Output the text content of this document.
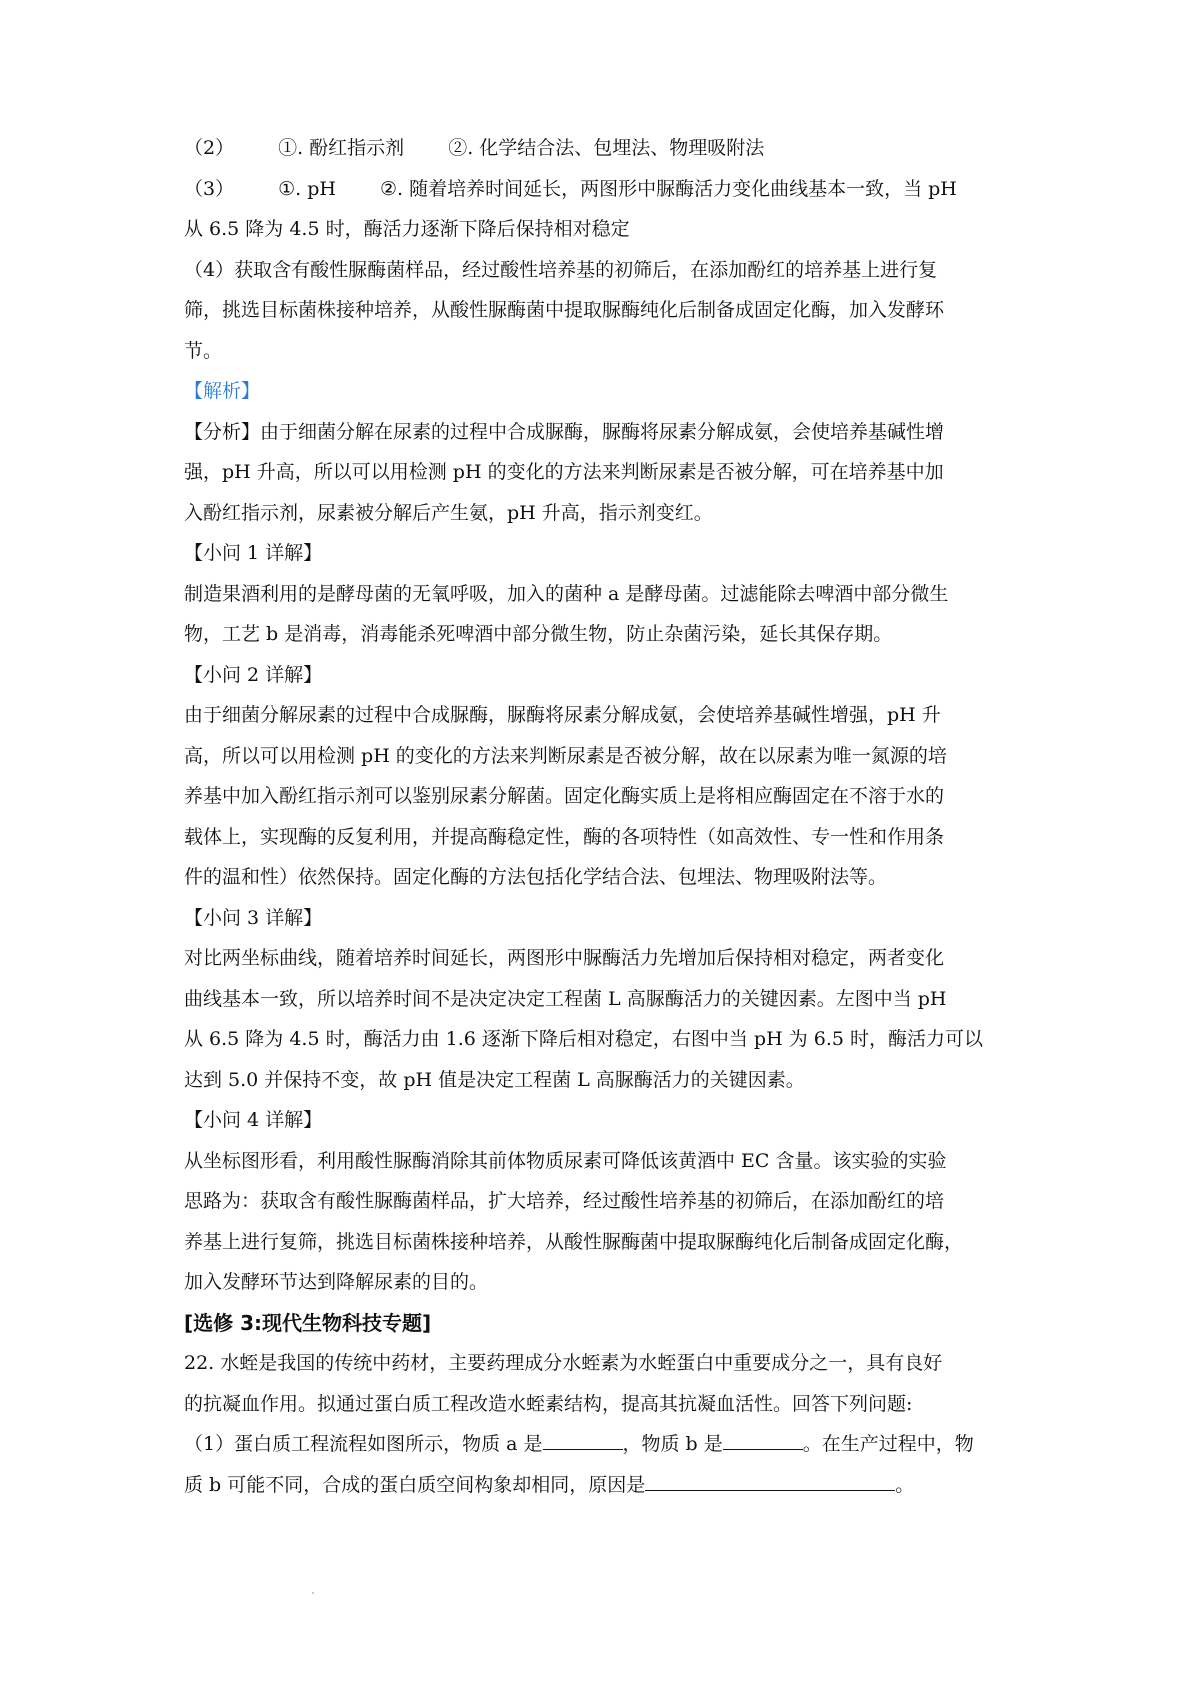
（2） ①. 酚红指示剂 ②. 化学结合法、包埋法、物理吸附法
（3） ①. pH ②. 随着培养时间延长，两图形中脲酶活力变化曲线基本一致，当 pH
从 6.5 降为 4.5 时，酶活力逐渐下降后保持相对稳定
（4）获取含有酸性脲酶菌样品，经过酸性培养基的初筛后，在添加酚红的培养基上进行复
筛，挑选目标菌株接种培养，从酸性脲酶菌中提取脲酶纯化后制备成固定化酶，加入发酵环
节。
【解析】
【分析】由于细菌分解在尿素的过程中合成脲酶，脲酶将尿素分解成氨，会使培养基碱性增
强，pH 升高，所以可以用检测 pH 的变化的方法来判断尿素是否被分解，可在培养基中加
入酚红指示剂，尿素被分解后产生氨，pH 升高，指示剂变红。
【小问 1 详解】
制造果酒利用的是酵母菌的无氧呼吸，加入的菌种 a 是酵母菌。过滤能除去啤酒中部分微生
物，工艺 b 是消毒，消毒能杀死啤酒中部分微生物，防止杂菌污染，延长其保存期。
【小问 2 详解】
由于细菌分解尿素的过程中合成脲酶，脲酶将尿素分解成氨，会使培养基碱性增强，pH 升
高，所以可以用检测 pH 的变化的方法来判断尿素是否被分解，故在以尿素为唯一氮源的培
养基中加入酚红指示剂可以鉴别尿素分解菌。固定化酶实质上是将相应酶固定在不溶于水的
载体上，实现酶的反复利用，并提高酶稳定性，酶的各项特性（如高效性、专一性和作用条
件的温和性）依然保持。固定化酶的方法包括化学结合法、包埋法、物理吸附法等。
【小问 3 详解】
对比两坐标曲线，随着培养时间延长，两图形中脲酶活力先增加后保持相对稳定，两者变化
曲线基本一致，所以培养时间不是决定决定工程菌 L 高脲酶活力的关键因素。左图中当 pH
从 6.5 降为 4.5 时，酶活力由 1.6 逐渐下降后相对稳定，右图中当 pH 为 6.5 时，酶活力可以
达到 5.0 并保持不变，故 pH 值是决定工程菌 L 高脲酶活力的关键因素。
【小问 4 详解】
从坐标图形看，利用酸性脲酶消除其前体物质尿素可降低该黄酒中 EC 含量。该实验的实验
思路为：获取含有酸性脲酶菌样品，扩大培养，经过酸性培养基的初筛后，在添加酚红的培
养基上进行复筛，挑选目标菌株接种培养，从酸性脲酶菌中提取脲酶纯化后制备成固定化酶，
加入发酵环节达到降解尿素的目的。
[选修 3:现代生物科技专题]
22. 水蛭是我国的传统中药材，主要药理成分水蛭素为水蛭蛋白中重要成分之一，具有良好
的抗凝血作用。拟通过蛋白质工程改造水蛭素结构，提高其抗凝血活性。回答下列问题:
（1）蛋白质工程流程如图所示，物质 a 是	，物质 b 是	。在生产过程中，物
质 b 可能不同，合成的蛋白质空间构象却相同，原因是	。
